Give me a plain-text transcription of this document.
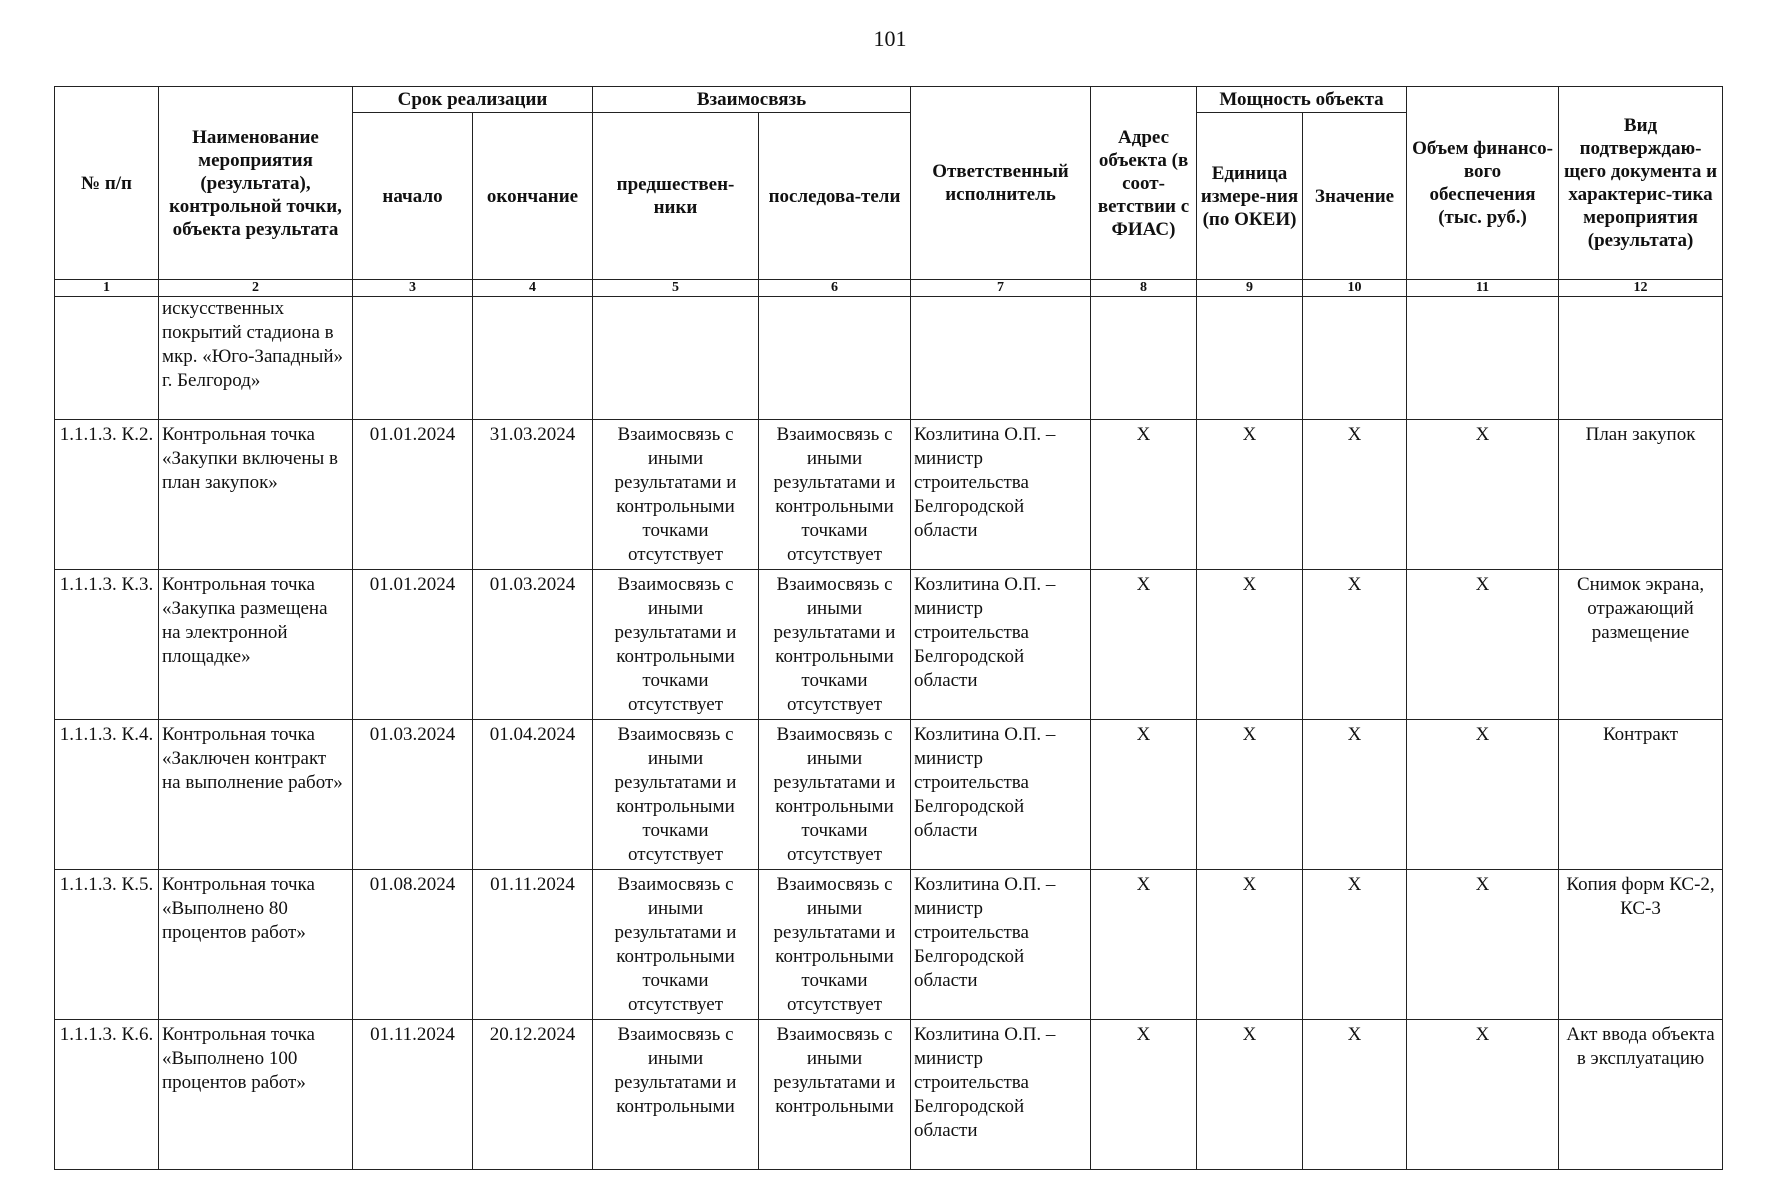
101
№ п/п	Наименование мероприятия (результата), контрольной точки, объекта результата	Срок реализации		Взаимосвязь		Ответственный исполнитель	Адрес объекта (в соот-ветствии с ФИАС)	Мощность объекта		Объем финансо-вого обеспечения (тыс. руб.)	Вид подтверждаю-щего документа и характерис-тика мероприятия (результата)
		начало	окончание	предшествен-ники	последова-тели			Единица измере-ния (по ОКЕИ)	Значение		
1	2	3	4	5	6	7	8	9	10	11	12
	искусственных покрытий стадиона в мкр. «Юго-Западный» г. Белгород»										
1.1.1.3. К.2.	Контрольная точка «Закупки включены в план закупок»	01.01.2024	31.03.2024	Взаимосвязь с иными результатами и контрольными точками отсутствует	Взаимосвязь с иными результатами и контрольными точками отсутствует	Козлитина О.П. – министр строительства Белгородской области	X	X	X	X	План закупок
1.1.1.3. К.3.	Контрольная точка «Закупка размещена на электронной площадке»	01.01.2024	01.03.2024	Взаимосвязь с иными результатами и контрольными точками отсутствует	Взаимосвязь с иными результатами и контрольными точками отсутствует	Козлитина О.П. – министр строительства Белгородской области	X	X	X	X	Снимок экрана, отражающий размещение
1.1.1.3. К.4.	Контрольная точка «Заключен контракт на выполнение работ»	01.03.2024	01.04.2024	Взаимосвязь с иными результатами и контрольными точками отсутствует	Взаимосвязь с иными результатами и контрольными точками отсутствует	Козлитина О.П. – министр строительства Белгородской области	X	X	X	X	Контракт
1.1.1.3. К.5.	Контрольная точка «Выполнено 80 процентов работ»	01.08.2024	01.11.2024	Взаимосвязь с иными результатами и контрольными точками отсутствует	Взаимосвязь с иными результатами и контрольными точками отсутствует	Козлитина О.П. – министр строительства Белгородской области	X	X	X	X	Копия форм КС-2, КС-3
1.1.1.3. К.6.	Контрольная точка «Выполнено 100 процентов работ»	01.11.2024	20.12.2024	Взаимосвязь с иными результатами и контрольными	Взаимосвязь с иными результатами и контрольными	Козлитина О.П. – министр строительства Белгородской области	X	X	X	X	Акт ввода объекта в эксплуатацию
